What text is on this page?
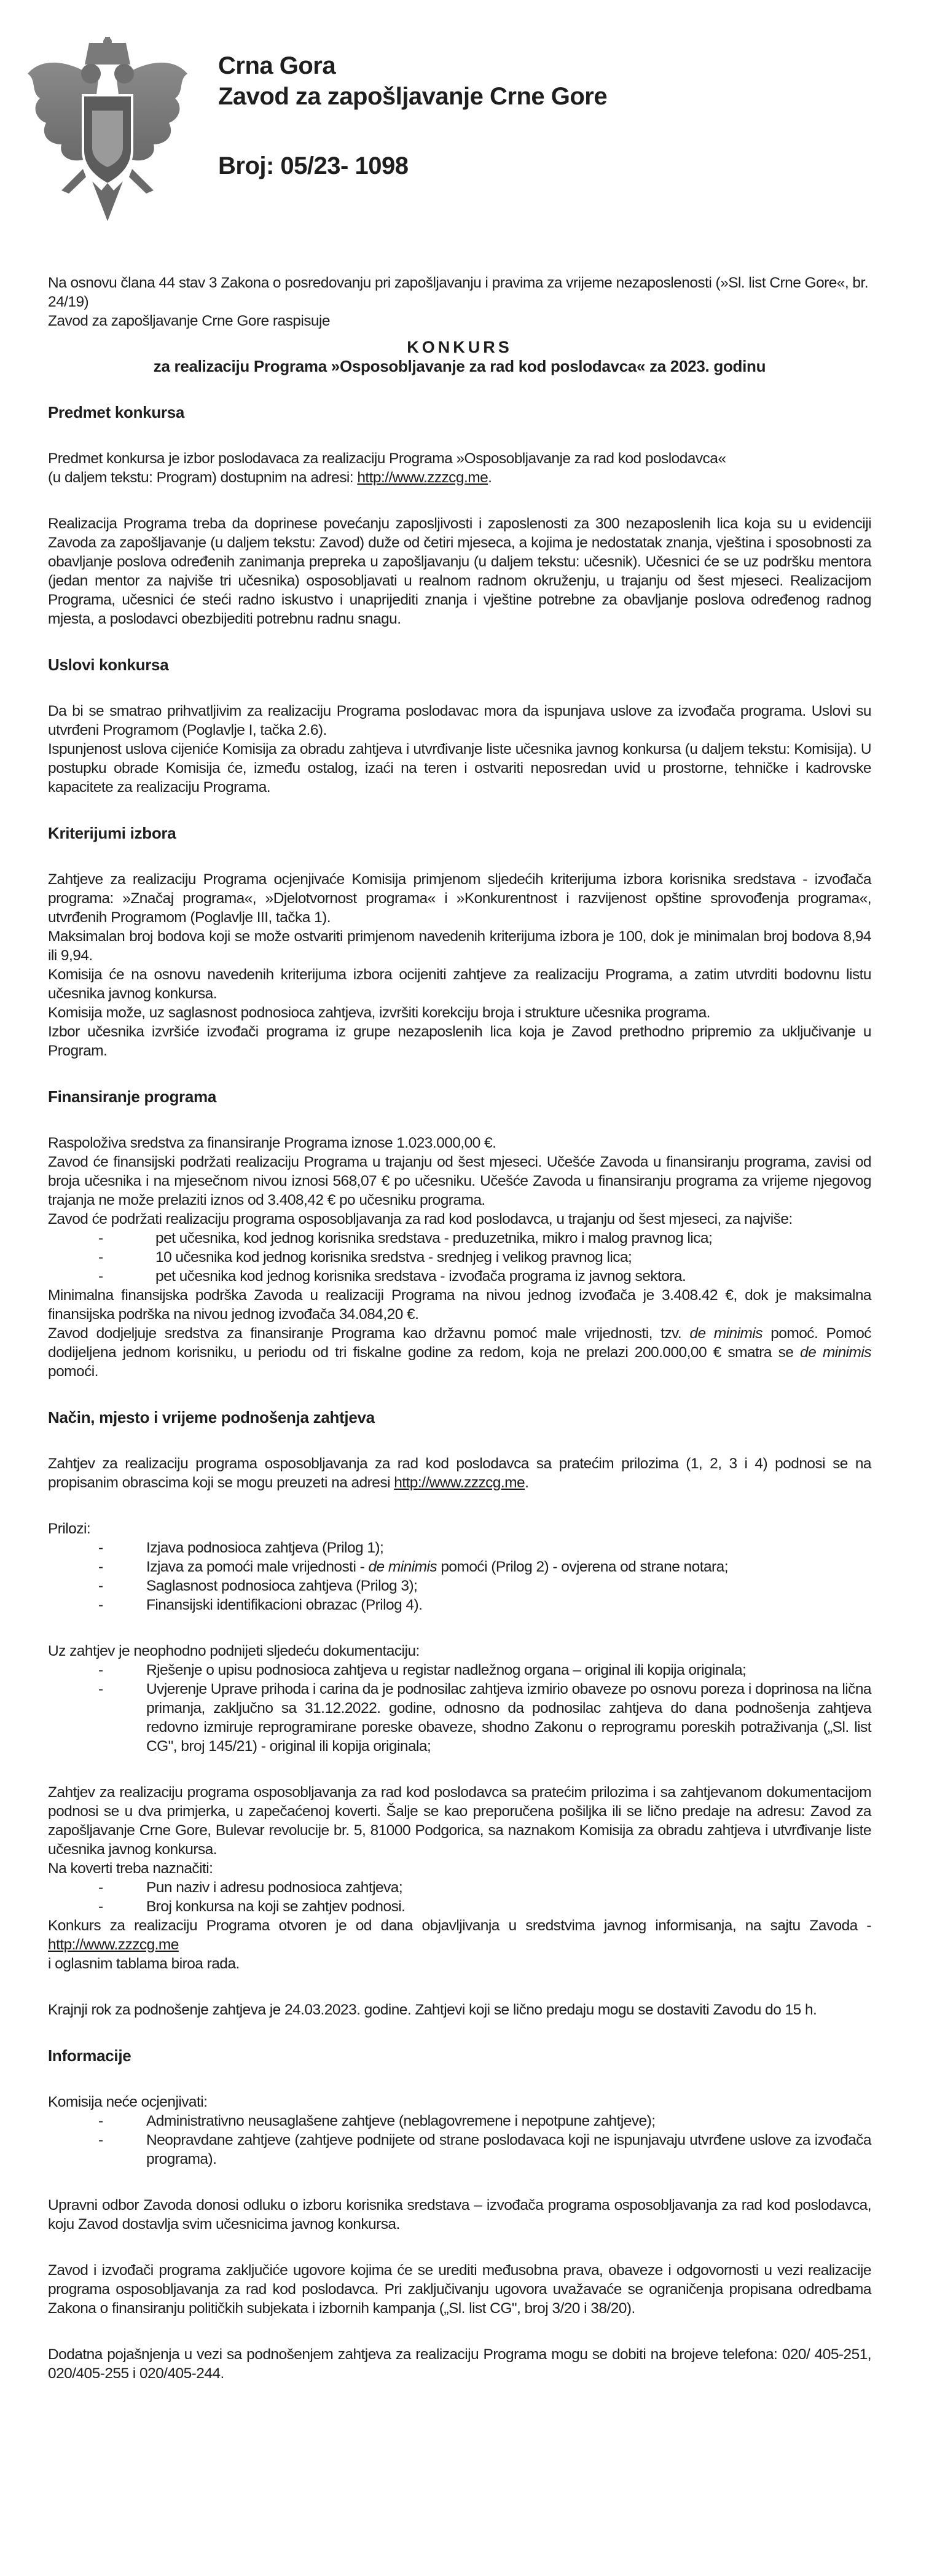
Crna Gora
Zavod za zapošljavanje Crne Gore
Broj: 05/23- 1098

Na osnovu člana 44 stav 3 Zakona o posredovanju pri zapošljavanju i pravima za vrijeme nezaposlenosti (»Sl. list Crne Gore«, br. 24/19)

Zavod za zapošljavanje Crne Gore raspisuje

KONKURS
za realizaciju Programa »Osposobljavanje za rad kod poslodavca« za 2023. godinu
Predmet konkursa

Predmet konkursa je izbor poslodavaca za realizaciju Programa »Osposobljavanje za rad kod poslodavca«

(u daljem tekstu: Program) dostupnim na adresi: http://www.zzzcg.me.

Realizacija Programa treba da doprinese povećanju zaposlјivosti i zaposlenosti za 300 nezaposlenih lica koja su u evidenciji Zavoda za zapošljavanje (u daljem tekstu: Zavod) duže od četiri mjeseca, a kojima je nedostatak znanja, vještina i sposobnosti za obavljanje poslova određenih zanimanja prepreka u zapošljavanju (u daljem tekstu: učesnik). Učesnici će se uz podršku mentora (jedan mentor za najviše tri učesnika) osposobljavati u realnom radnom okruženju, u trajanju od šest mjeseci. Realizacijom Programa, učesnici će steći radno iskustvo i unaprijediti znanja i vještine potrebne za obavljanje poslova određenog radnog mjesta, a poslodavci obezbijediti potrebnu radnu snagu.

Uslovi konkursa

Da bi se smatrao prihvatljivim za realizaciju Programa poslodavac mora da ispunjava uslove za izvođača programa. Uslovi su utvrđeni Programom (Poglavlje I, tačka 2.6).

Ispunjenost uslova cijeniće Komisija za obradu zahtjeva i utvrđivanje liste učesnika javnog konkursa (u daljem tekstu: Komisija). U postupku obrade Komisija će, između ostalog, izaći na teren i ostvariti neposredan uvid u prostorne, tehničke i kadrovske kapacitete za realizaciju Programa.

Kriterijumi izbora

Zahtjeve za realizaciju Programa ocjenjivaće Komisija primjenom sljedećih kriterijuma izbora korisnika sredstava - izvođača programa: »Značaj programa«, »Djelotvornost programa« i »Konkurentnost i razvijenost opštine sprovođenja programa«, utvrđenih Programom (Poglavlje III, tačka 1).

Maksimalan broj bodova koji se može ostvariti primjenom navedenih kriterijuma izbora je 100, dok je minimalan broj bodova 8,94 ili 9,94.

Komisija će na osnovu navedenih kriterijuma izbora ocijeniti zahtjeve za realizaciju Programa, a zatim utvrditi bodovnu listu učesnika javnog konkursa.

Komisija može, uz saglasnost podnosioca zahtjeva, izvršiti korekciju broja i strukture učesnika programa.

Izbor učesnika izvršiće izvođači programa iz grupe nezaposlenih lica koja je Zavod prethodno pripremio za uključivanje u Program.

Finansiranje programa

Raspoloživa sredstva za finansiranje Programa iznose 1.023.000,00 €.

Zavod će finansijski podržati realizaciju Programa u trajanju od šest mjeseci. Učešće Zavoda u finansiranju programa, zavisi od broja učesnika i na mjesečnom nivou iznosi 568,07 € po učesniku. Učešće Zavoda u finansiranju programa za vrijeme njegovog trajanja ne može prelaziti iznos od 3.408,42 € po učesniku programa.

Zavod će podržati realizaciju programa osposobljavanja za rad kod poslodavca, u trajanju od šest mjeseci, za najviše:

-	pet učesnika, kod jednog korisnika sredstava - preduzetnika, mikro i malog pravnog lica;
-	10 učesnika kod jednog korisnika sredstva - srednjeg i velikog pravnog lica;
-	pet učesnika kod jednog korisnika sredstava - izvođača programa iz javnog sektora.

Minimalna finansijska podrška Zavoda u realizaciji Programa na nivou jednog izvođača je 3.408.42 €, dok je maksimalna finansijska podrška na nivou jednog izvođača 34.084,20 €.

Zavod dodjeljuje sredstva za finansiranje Programa kao državnu pomoć male vrijednosti, tzv. de minimis pomoć. Pomoć dodijeljena jednom korisniku, u periodu od tri fiskalne godine za redom, koja ne prelazi 200.000,00 € smatra se de minimis pomoći.

Način, mjesto i vrijeme podnošenja zahtjeva

Zahtjev za realizaciju programa osposobljavanja za rad kod poslodavca sa pratećim prilozima (1, 2, 3 i 4) podnosi se na propisanim obrascima koji se mogu preuzeti na adresi http://www.zzzcg.me.

Prilozi:

-	Izjava podnosioca zahtjeva (Prilog 1);
-	Izjava za pomoći male vrijednosti - de minimis pomoći (Prilog 2) - ovjerena od strane notara;
-	Saglasnost podnosioca zahtjeva (Prilog 3);
-	Finansijski identifikacioni obrazac (Prilog 4).

Uz zahtjev je neophodno podnijeti sljedeću dokumentaciju:

-	Rješenje o upisu podnosioca zahtjeva u registar nadležnog organa – original ili kopija originala;
-	Uvjerenje Uprave prihoda i carina da je podnosilac zahtjeva izmirio obaveze po osnovu poreza i doprinosa na lična primanja, zaključno sa 31.12.2022. godine, odnosno da podnosilac zahtjeva do dana podnošenja zahtjeva redovno izmiruje reprogramirane poreske obaveze, shodno Zakonu o reprogramu poreskih potraživanja („Sl. list CG", broj 145/21) - original ili kopija originala;

Zahtjev za realizaciju programa osposobljavanja za rad kod poslodavca sa pratećim prilozima i sa zahtjevanom dokumentacijom podnosi se u dva primjerka, u zapečaćenoj koverti. Šalje se kao preporučena pošiljka ili se lično predaje na adresu: Zavod za zapošljavanje Crne Gore, Bulevar revolucije br. 5, 81000 Podgorica, sa naznakom Komisija za obradu zahtjeva i utvrđivanje liste učesnika javnog konkursa.

Na koverti treba naznačiti:

-	Pun naziv i adresu podnosioca zahtjeva;
-	Broj konkursa na koji se zahtjev podnosi.

Konkurs za realizaciju Programa otvoren je od dana objavljivanja u sredstvima javnog informisanja, na sajtu Zavoda - http://www.zzzcg.me
i oglasnim tablama biroa rada.

Krajnji rok za podnošenje zahtjeva je 24.03.2023. godine. Zahtjevi koji se lično predaju mogu se dostaviti Zavodu do 15 h.

Informacije

Komisija neće ocjenjivati:

-	Administrativno neusaglašene zahtjeve (neblagovremene i nepotpune zahtjeve);
-	Neopravdane zahtjeve (zahtjeve podnijete od strane poslodavaca koji ne ispunjavaju utvrđene uslove za izvođača programa).

Upravni odbor Zavoda donosi odluku o izboru korisnika sredstava – izvođača programa osposobljavanja za rad kod poslodavca, koju Zavod dostavlja svim učesnicima javnog konkursa.

Zavod i izvođači programa zaključiće ugovore kojima će se urediti međusobna prava, obaveze i odgovornosti u vezi realizacije programa osposobljavanja za rad kod poslodavca. Pri zaključivanju ugovora uvažavaće se ograničenja propisana odredbama Zakona o finansiranju političkih subjekata i izbornih kampanja („Sl. list CG", broj 3/20 i 38/20).

Dodatna pojašnjenja u vezi sa podnošenjem zahtjeva za realizaciju Programa mogu se dobiti na brojeve telefona: 020/ 405-251, 020/405-255 i 020/405-244.
